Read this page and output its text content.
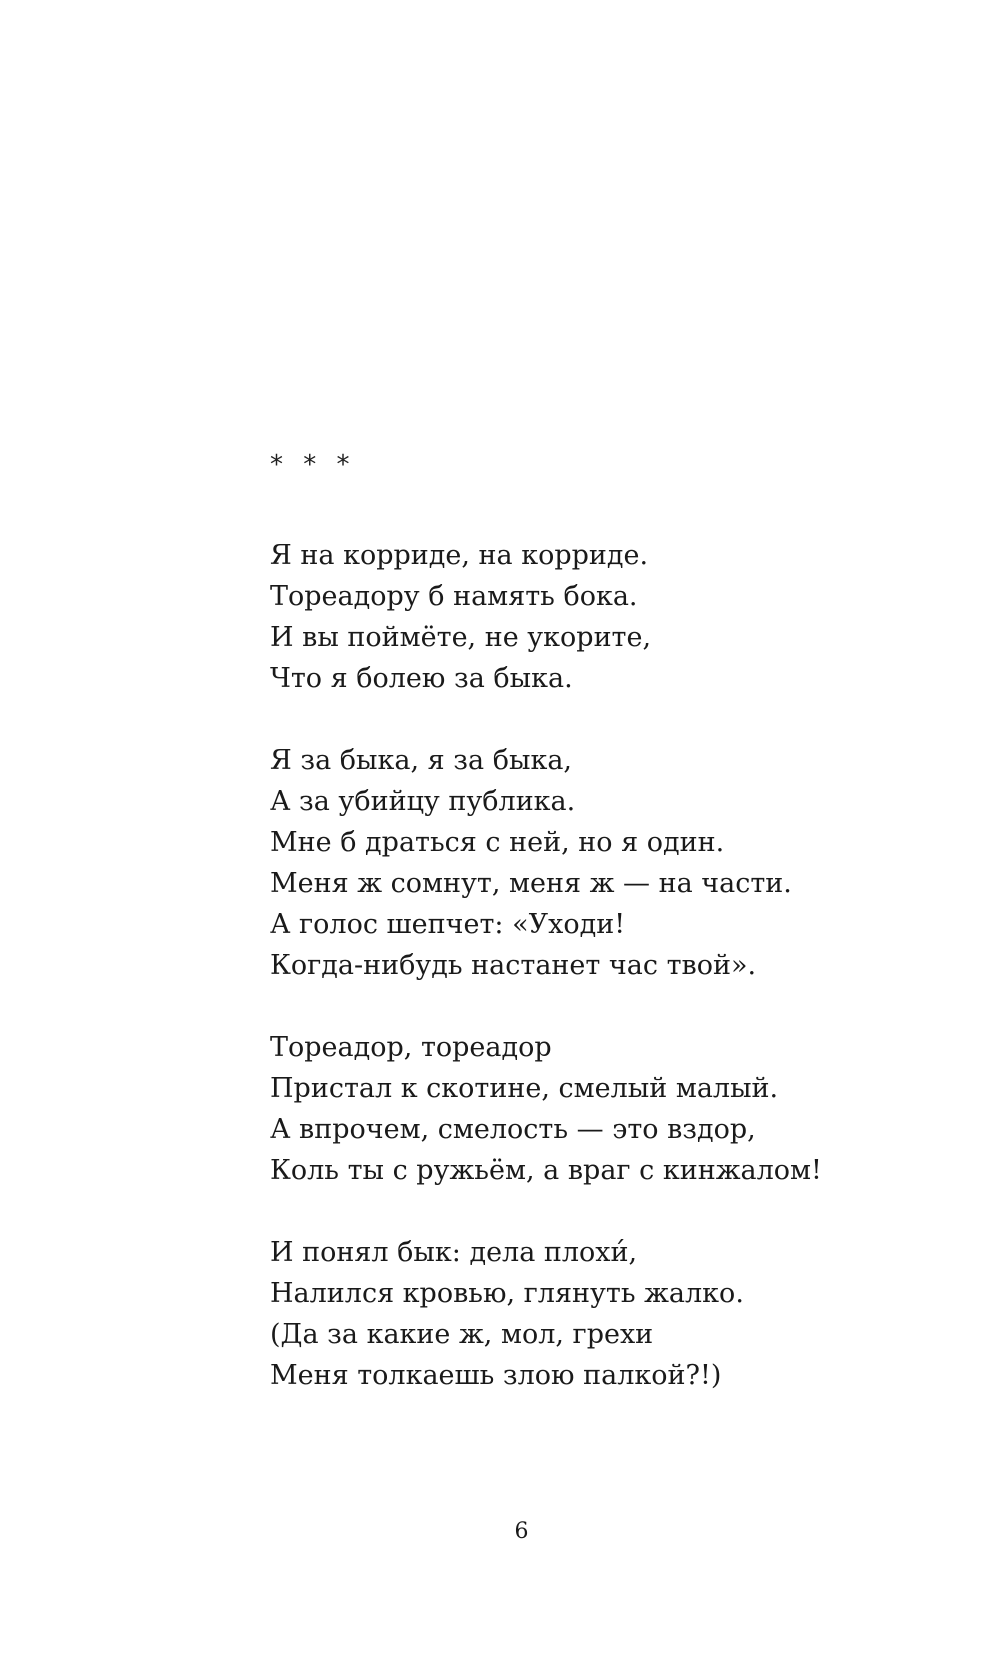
* * *
Я на корриде, на корриде.
Тореадору б намять бока.
И вы поймёте, не укорите,
Что я болею за быка.
Я за быка, я за быка,
А за убийцу публика.
Мне б драться с ней, но я один.
Меня ж сомнут, меня ж — на части.
А голос шепчет: «Уходи!
Когда-нибудь настанет час твой».
Тореадор, тореадор
Пристал к скотине, смелый малый.
А впрочем, смелость — это вздор,
Коль ты с ружьём, а враг с кинжалом!
И понял бык: дела плохи́,
Налился кровью, глянуть жалко.
(Да за какие ж, мол, грехи
Меня толкаешь злою палкой?!)
6
